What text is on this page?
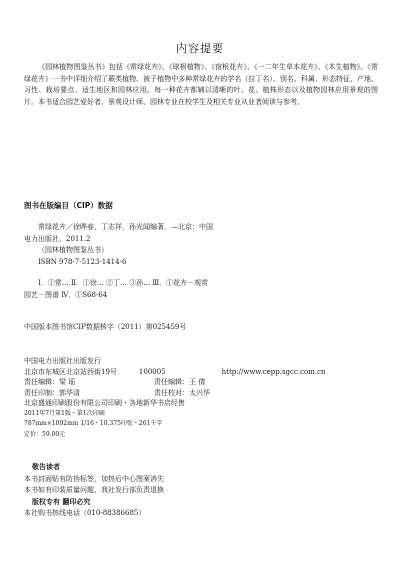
内容提要

《园林植物图鉴丛书》包括《常绿花卉》、《球根植物》、《宿根花卉》、《一二年生草本花卉》、《木生植物》。《常绿花卉》一书中详细介绍了蕨类植物、被子植物中多种常绿花卉的学名（拉丁名）、别名、科属、形态特征、产地、习性、栽培要点、适生地区和园林应用。每一种花卉都辅以清晰的叶、花、植株形态以及植物园林应用景观的图片。本书适合园艺爱好者、景观设计师、园林专业在校学生及相关专业从业者阅读与参考。

图书在版编目（CIP）数据
常绿花卉／徐晔春，丁志祥，孙光闻编著．—北京：中国
电力出版社，2011.2
（园林植物图鉴丛书）
ISBN 978-7-5123-1414-6
Ⅰ．①常… Ⅱ．①徐… ②丁… ③孙… Ⅲ．①花卉－观赏
园艺－图谱 Ⅳ．①S68-64
中国版本图书馆CIP数据核字（2011）第025459号
中国电力出版社出版发行
北京市东城区北京站西街19号	100005	http://www.cepp.sgcc.com.cn
责任编辑：梁 瑶	责任编辑：王 倩
责任印制：郭华清	责任校对：太兴华
北京盛通印刷股份有限公司印刷・各地新华书店经售
2011年7月第1版・第1次印刷
787mm×1092mm 1/16・10.375印张・261千字
定价：59.00元
敬告读者
本书封面贴有防伪标签，加热后中心图案消失
本书如有印装质量问题，我社发行部负责退换
版权专有 翻印必究
本社购书热线电话（010-88386685）
